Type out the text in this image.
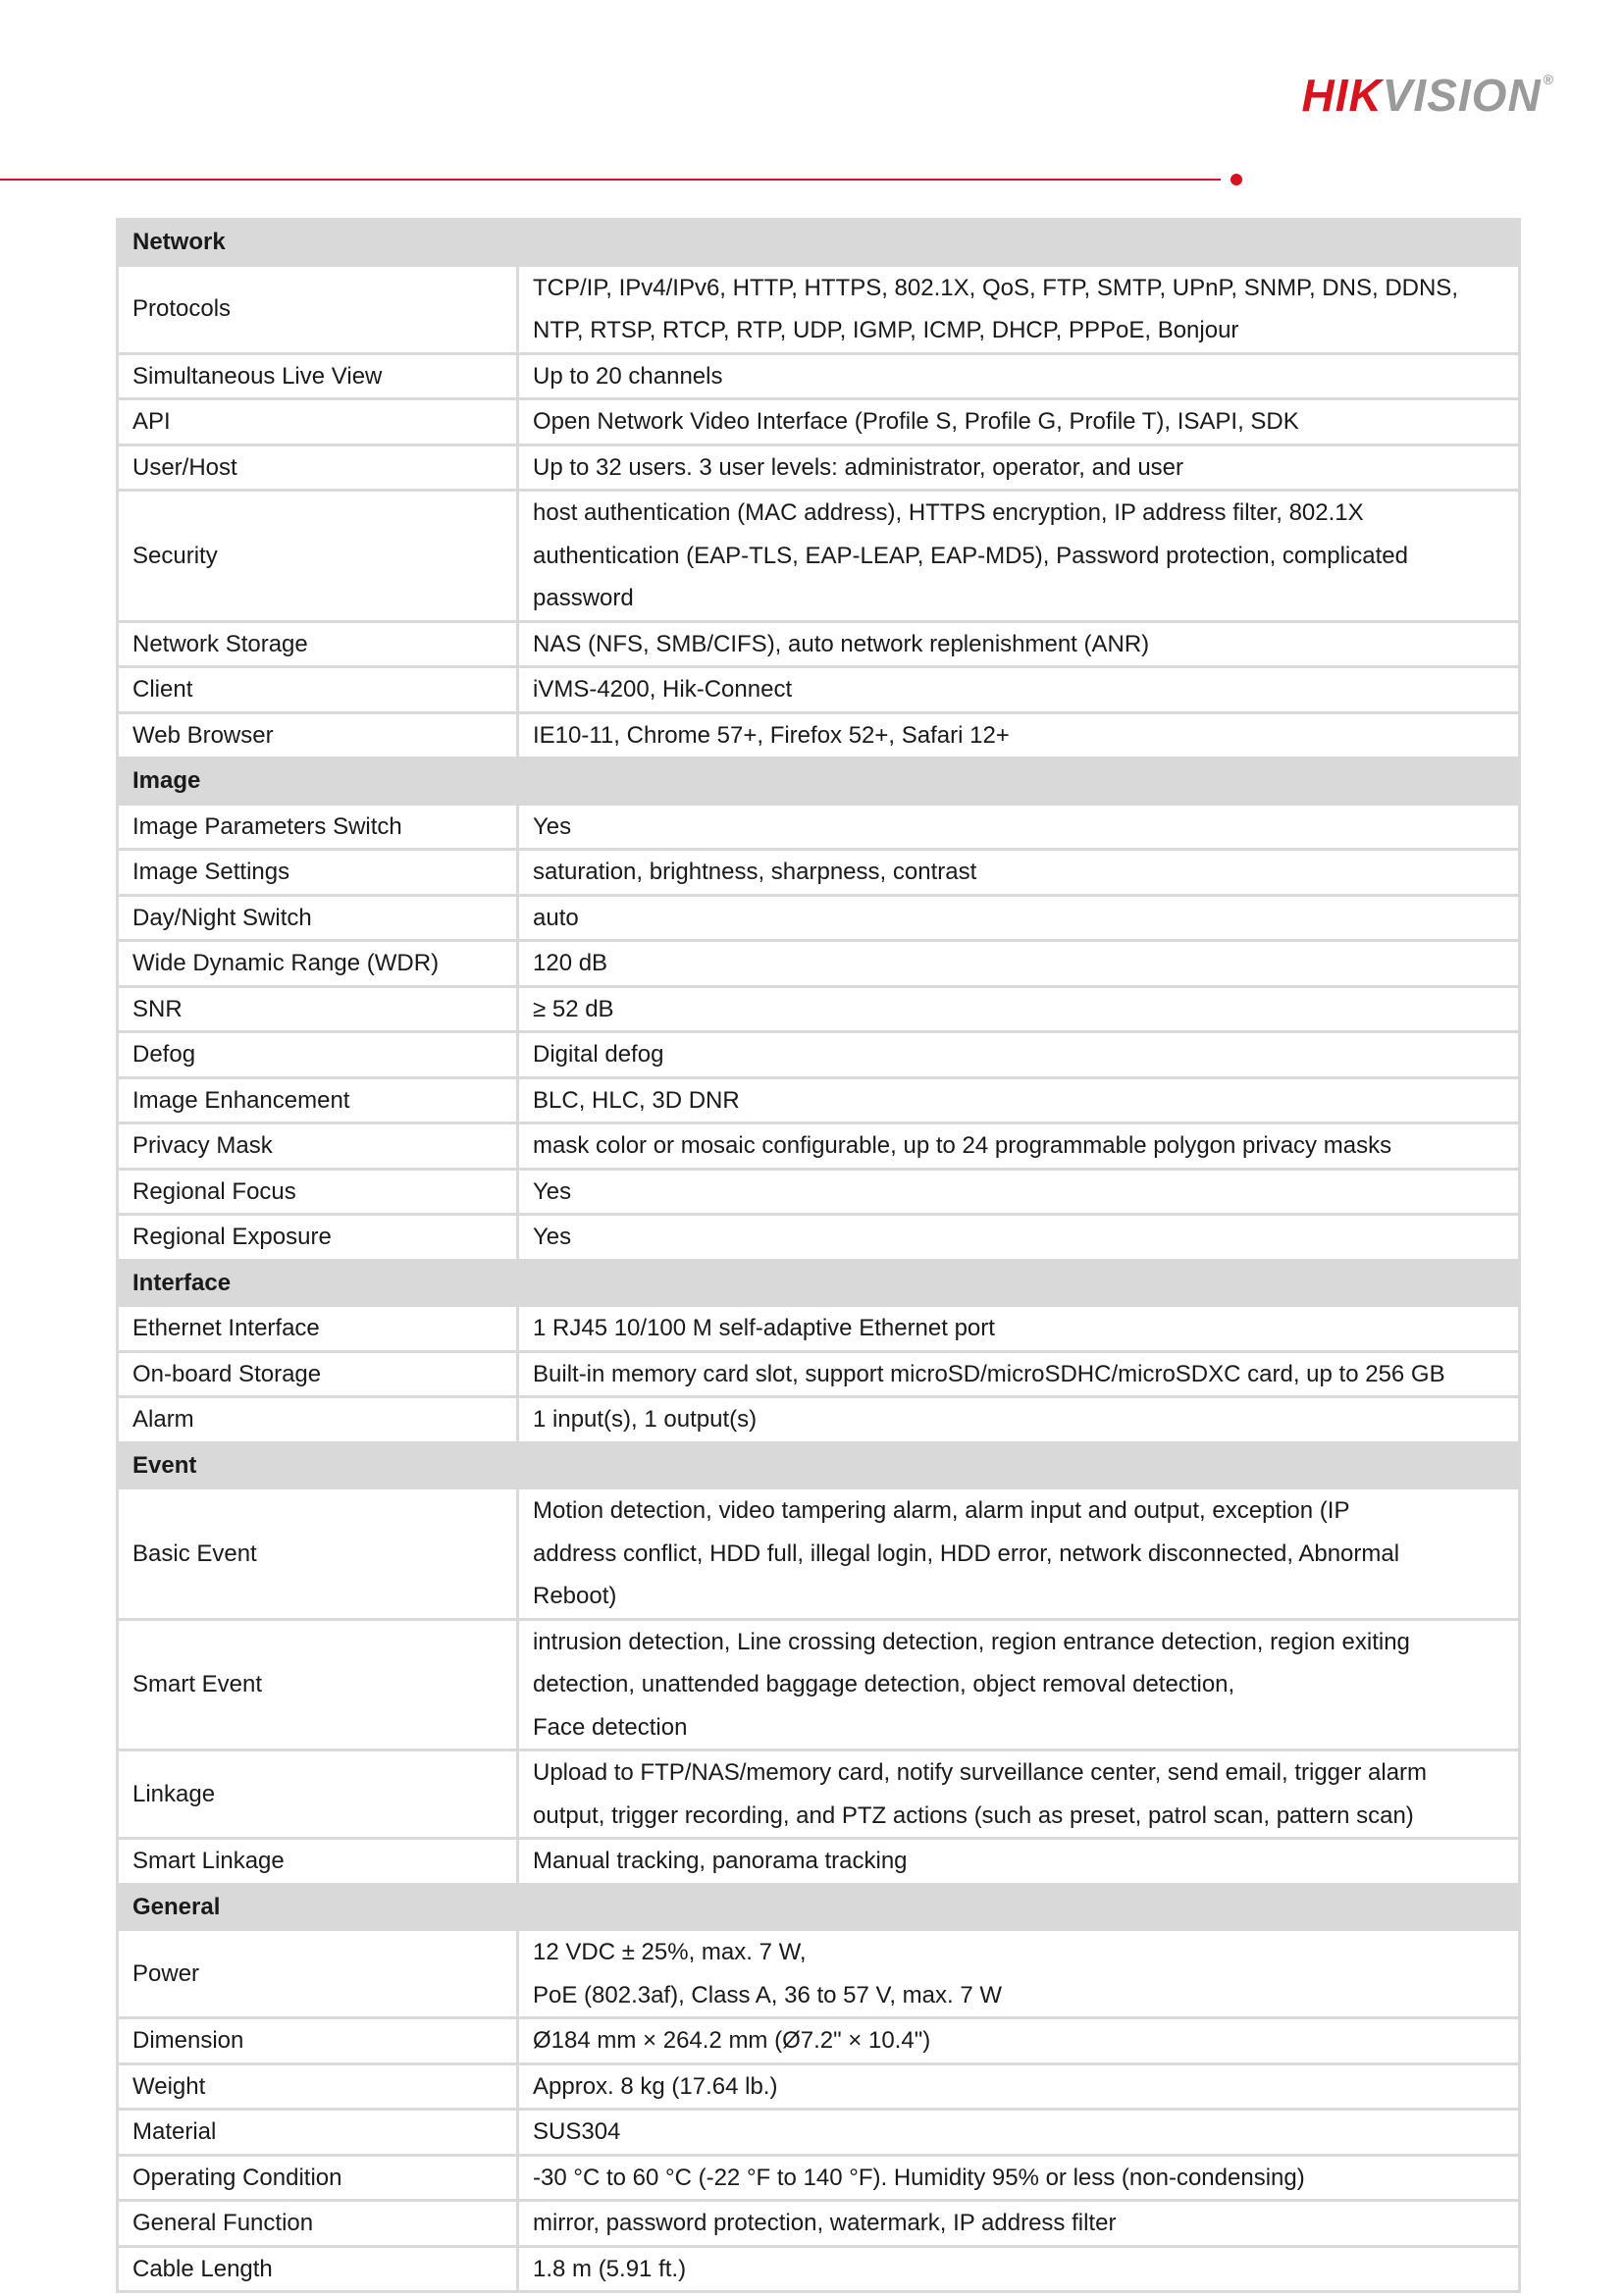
HIKVISION ®
Network	
Protocols	TCP/IP, IPv4/IPv6, HTTP, HTTPS, 802.1X, QoS, FTP, SMTP, UPnP, SNMP, DNS, DDNS,
NTP, RTSP, RTCP, RTP, UDP, IGMP, ICMP, DHCP, PPPoE, Bonjour

Simultaneous Live View	Up to 20 channels

API	Open Network Video Interface (Profile S, Profile G, Profile T), ISAPI, SDK

User/Host	Up to 32 users. 3 user levels: administrator, operator, and user

Security	host authentication (MAC address), HTTPS encryption, IP address filter, 802.1X
authentication (EAP-TLS, EAP-LEAP, EAP-MD5), Password protection, complicated
password

Network Storage	NAS (NFS, SMB/CIFS), auto network replenishment (ANR)

Client	iVMS-4200, Hik-Connect

Web Browser	IE10-11, Chrome 57+, Firefox 52+, Safari 12+

Image	
Image Parameters Switch	Yes

Image Settings	saturation, brightness, sharpness, contrast

Day/Night Switch	auto

Wide Dynamic Range (WDR)	120 dB

SNR	≥ 52 dB

Defog	Digital defog

Image Enhancement	BLC, HLC, 3D DNR

Privacy Mask	mask color or mosaic configurable, up to 24 programmable polygon privacy masks

Regional Focus	Yes

Regional Exposure	Yes

Interface	
Ethernet Interface	1 RJ45 10/100 M self-adaptive Ethernet port

On-board Storage	Built-in memory card slot, support microSD/microSDHC/microSDXC card, up to 256 GB

Alarm	1 input(s), 1 output(s)

Event	
Basic Event	Motion detection, video tampering alarm, alarm input and output, exception (IP
address conflict, HDD full, illegal login, HDD error, network disconnected, Abnormal
Reboot)

Smart Event	intrusion detection, Line crossing detection, region entrance detection, region exiting
detection, unattended baggage detection, object removal detection,
Face detection

Linkage	Upload to FTP/NAS/memory card, notify surveillance center, send email, trigger alarm
output, trigger recording, and PTZ actions (such as preset, patrol scan, pattern scan)

Smart Linkage	Manual tracking, panorama tracking

General	
Power	12 VDC ± 25%, max. 7 W,
PoE (802.3af), Class A, 36 to 57 V, max. 7 W

Dimension	Ø184 mm × 264.2 mm (Ø7.2" × 10.4")

Weight	Approx. 8 kg (17.64 lb.)

Material	SUS304

Operating Condition	-30 °C to 60 °C (-22 °F to 140 °F). Humidity 95% or less (non-condensing)

General Function	mirror, password protection, watermark, IP address filter

Cable Length	1.8 m (5.91 ft.)
